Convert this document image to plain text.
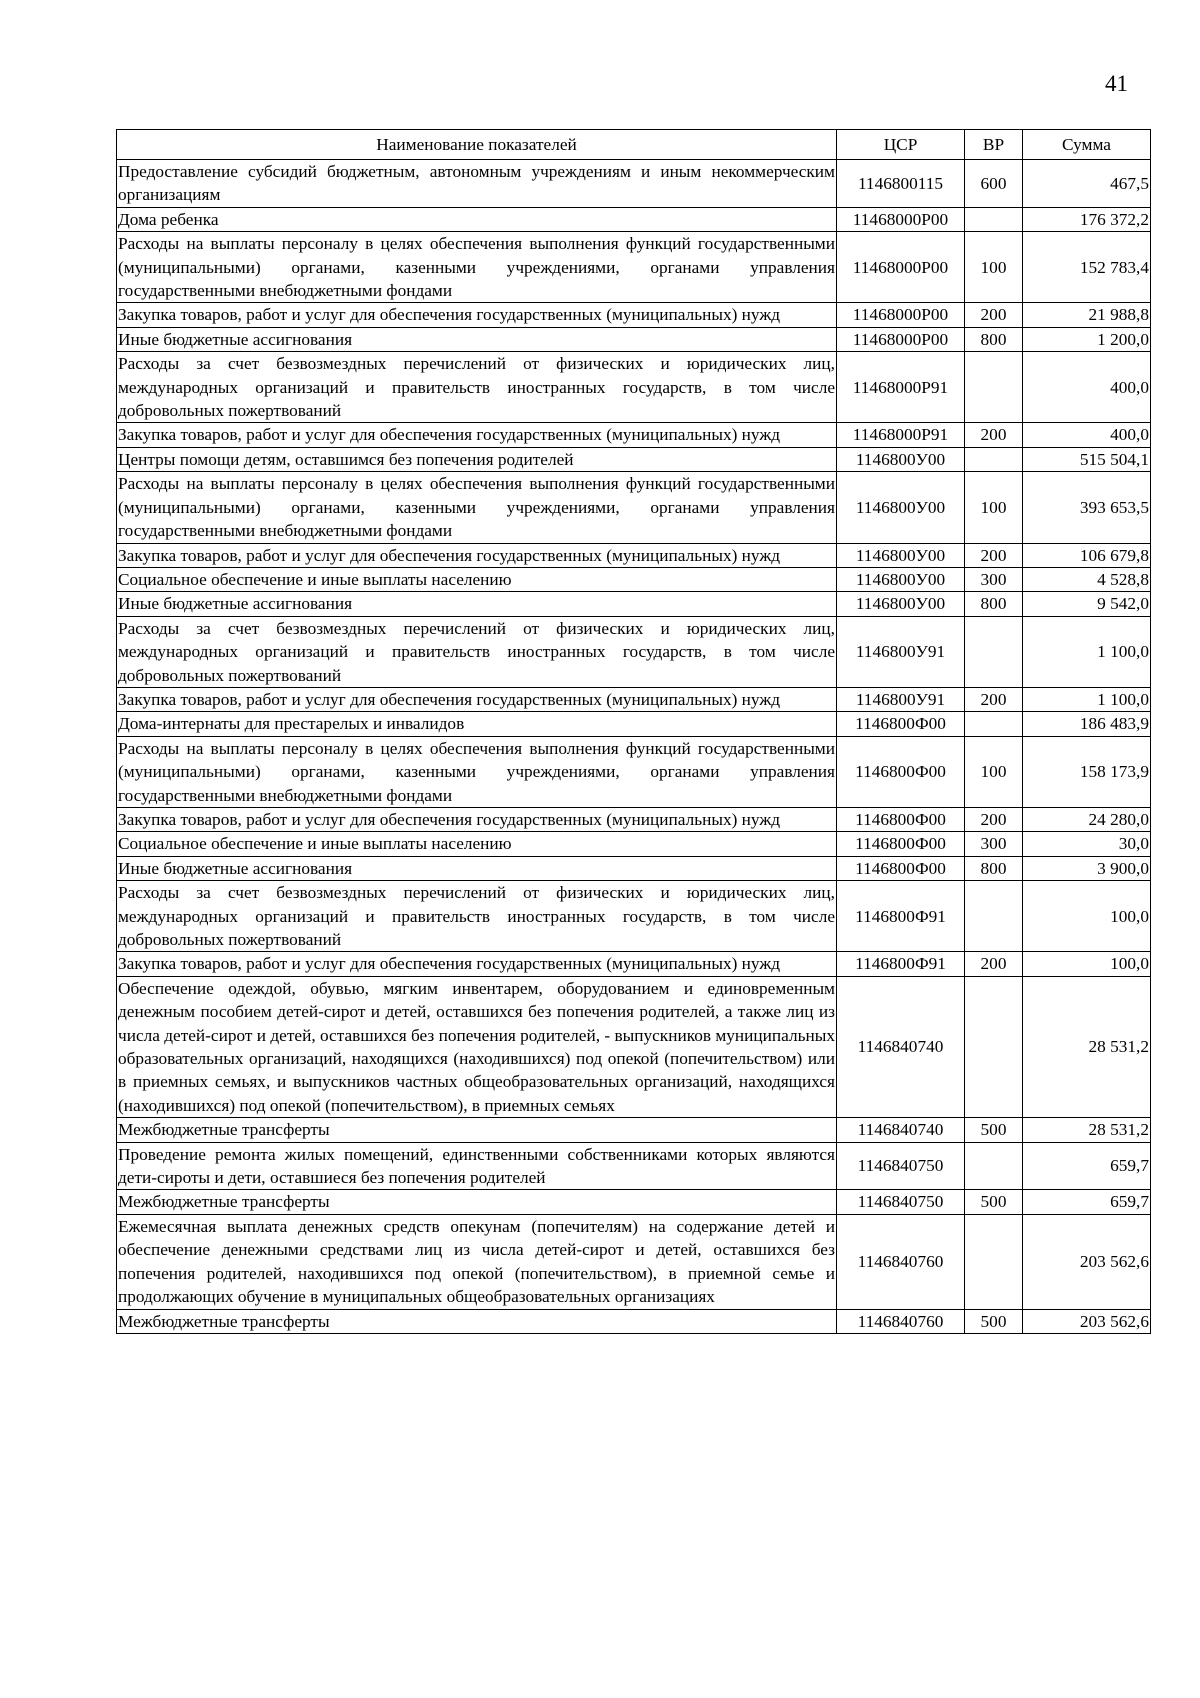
41
Наименование показателей	ЦСР	ВР	Сумма
Предоставление субсидий бюджетным, автономным учреждениям и иным некоммерческим организациям	1146800115	600	467,5
Дома ребенка	11468000Р00		176 372,2
Расходы на выплаты персоналу в целях обеспечения выполнения функций государственными (муниципальными) органами, казенными учреждениями, органами управления государственными внебюджетными фондами	11468000Р00	100	152 783,4
Закупка товаров, работ и услуг для обеспечения государственных (муниципальных) нужд	11468000Р00	200	21 988,8
Иные бюджетные ассигнования	11468000Р00	800	1 200,0
Расходы за счет безвозмездных перечислений от физических и юридических лиц, международных организаций и правительств иностранных государств, в том числе добровольных пожертвований	11468000Р91		400,0
Закупка товаров, работ и услуг для обеспечения государственных (муниципальных) нужд	11468000Р91	200	400,0
Центры помощи детям, оставшимся без попечения родителей	1146800У00		515 504,1
Расходы на выплаты персоналу в целях обеспечения выполнения функций государственными (муниципальными) органами, казенными учреждениями, органами управления государственными внебюджетными фондами	1146800У00	100	393 653,5
Закупка товаров, работ и услуг для обеспечения государственных (муниципальных) нужд	1146800У00	200	106 679,8
Социальное обеспечение и иные выплаты населению	1146800У00	300	4 528,8
Иные бюджетные ассигнования	1146800У00	800	9 542,0
Расходы за счет безвозмездных перечислений от физических и юридических лиц, международных организаций и правительств иностранных государств, в том числе добровольных пожертвований	1146800У91		1 100,0
Закупка товаров, работ и услуг для обеспечения государственных (муниципальных) нужд	1146800У91	200	1 100,0
Дома-интернаты для престарелых и инвалидов	1146800Ф00		186 483,9
Расходы на выплаты персоналу в целях обеспечения выполнения функций государственными (муниципальными) органами, казенными учреждениями, органами управления государственными внебюджетными фондами	1146800Ф00	100	158 173,9
Закупка товаров, работ и услуг для обеспечения государственных (муниципальных) нужд	1146800Ф00	200	24 280,0
Социальное обеспечение и иные выплаты населению	1146800Ф00	300	30,0
Иные бюджетные ассигнования	1146800Ф00	800	3 900,0
Расходы за счет безвозмездных перечислений от физических и юридических лиц, международных организаций и правительств иностранных государств, в том числе добровольных пожертвований	1146800Ф91		100,0
Закупка товаров, работ и услуг для обеспечения государственных (муниципальных) нужд	1146800Ф91	200	100,0
Обеспечение одеждой, обувью, мягким инвентарем, оборудованием и единовременным денежным пособием детей-сирот и детей, оставшихся без попечения родителей, а также лиц из числа детей-сирот и детей, оставшихся без попечения родителей, - выпускников муниципальных образовательных организаций, находящихся (находившихся) под опекой (попечительством) или в приемных семьях, и выпускников частных общеобразовательных организаций, находящихся (находившихся) под опекой (попечительством), в приемных семьях	1146840740		28 531,2
Межбюджетные трансферты	1146840740	500	28 531,2
Проведение ремонта жилых помещений, единственными собственниками которых являются дети-сироты и дети, оставшиеся без попечения родителей	1146840750		659,7
Межбюджетные трансферты	1146840750	500	659,7
Ежемесячная выплата денежных средств опекунам (попечителям) на содержание детей и обеспечение денежными средствами лиц из числа детей-сирот и детей, оставшихся без попечения родителей, находившихся под опекой (попечительством), в приемной семье и продолжающих обучение в муниципальных общеобразовательных организациях	1146840760		203 562,6
Межбюджетные трансферты	1146840760	500	203 562,6
